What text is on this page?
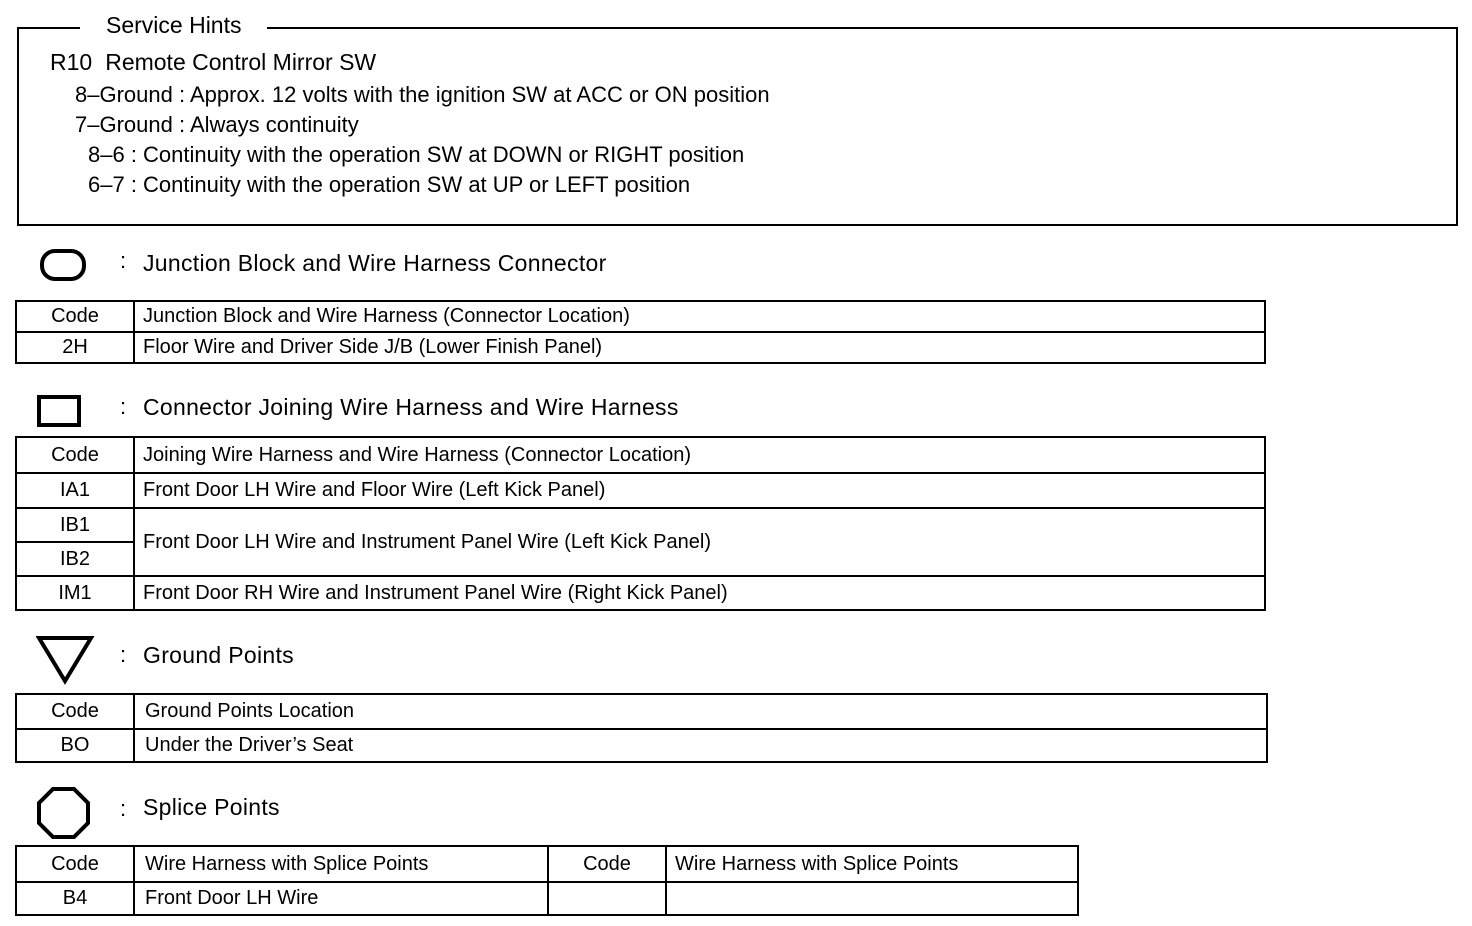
Service Hints
R10 Remote Control Mirror SW
8–Ground : Approx. 12 volts with the ignition SW at ACC or ON position
7–Ground : Always continuity
8–6 : Continuity with the operation SW at DOWN or RIGHT position
6–7 : Continuity with the operation SW at UP or LEFT position
: Junction Block and Wire Harness Connector
Code	Junction Block and Wire Harness (Connector Location)
2H	Floor Wire and Driver Side J/B (Lower Finish Panel)
: Connector Joining Wire Harness and Wire Harness
Code	Joining Wire Harness and Wire Harness (Connector Location)
IA1	Front Door LH Wire and Floor Wire (Left Kick Panel)
IB1	Front Door LH Wire and Instrument Panel Wire (Left Kick Panel)
IB2	
IM1	Front Door RH Wire and Instrument Panel Wire (Right Kick Panel)
: Ground Points
Code	Ground Points Location
BO	Under the Driver’s Seat
: Splice Points
Code	Wire Harness with Splice Points	Code	Wire Harness with Splice Points
B4	Front Door LH Wire		
